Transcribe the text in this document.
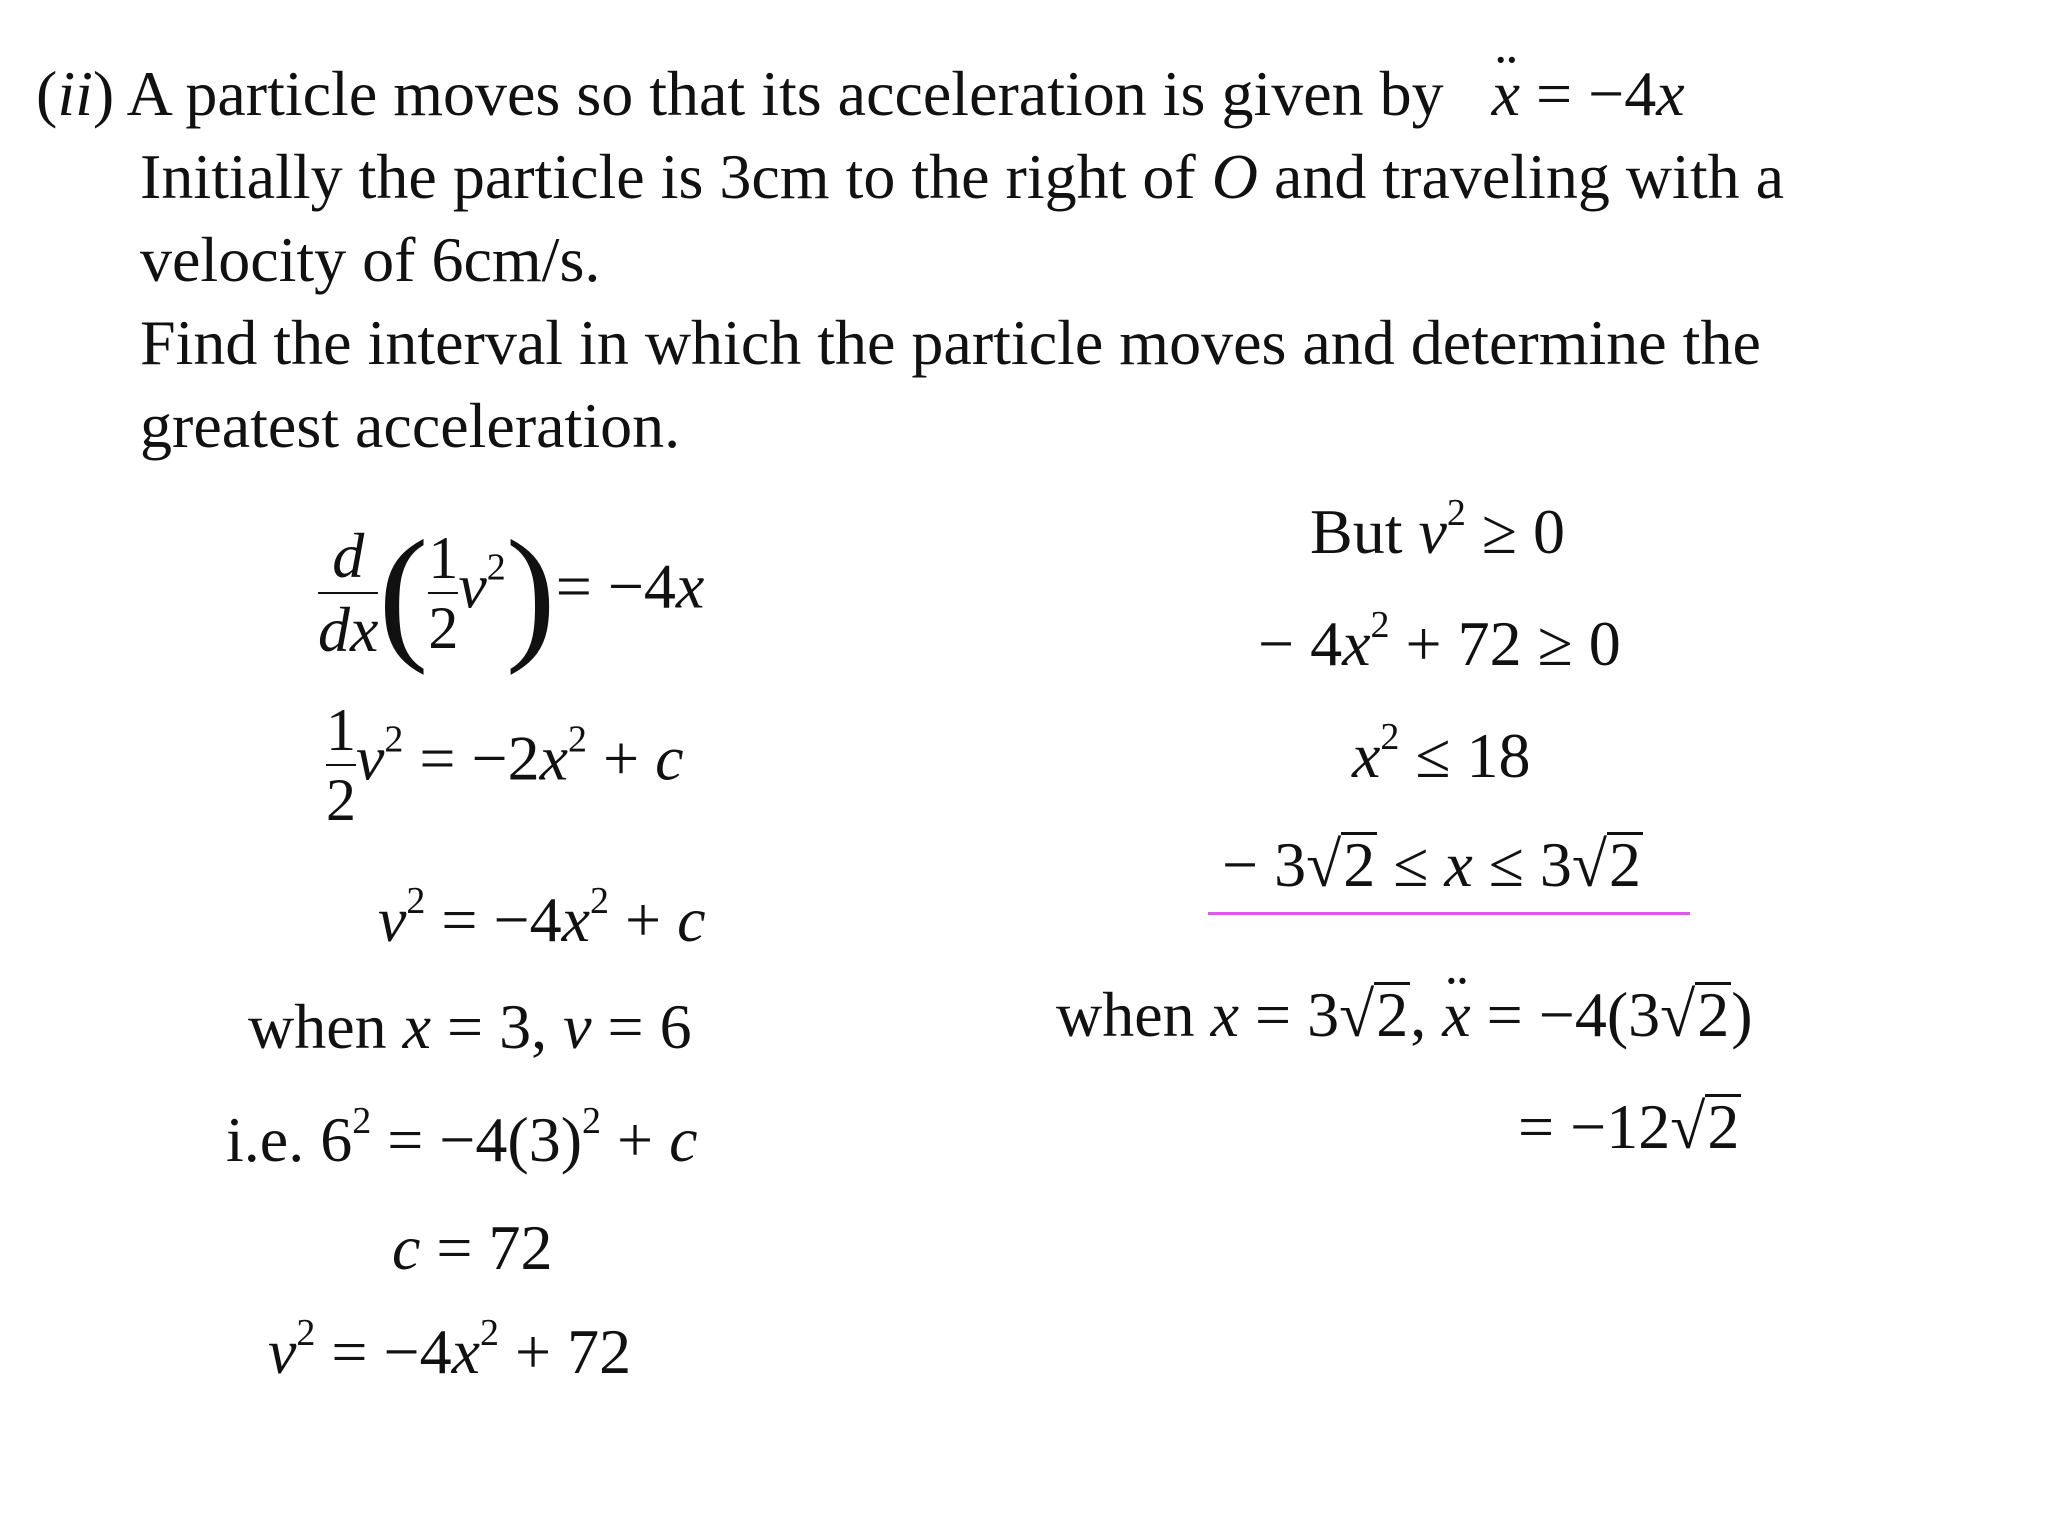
(ii) A particle moves so that its acceleration is given by   ¨ x = −4x
Initially the particle is 3cm to the right of O and traveling with a
velocity of 6cm/s.
Find the interval in which the particle moves and determine the
greatest acceleration.
$\frac{d}{dx}$ ( $\frac{1}{2} v^2)= -4x$
$\frac{1}{2} v^2 = -2x^2 + c$
$v^2 = -4x^2 + c$
when x = 3, v = 6
i.e. $6^2 = -4(3)^2 + c$
c = 72
$v^2 = -4x^2 + 72$
But $v^2 \ge 0$
− $4x^2 + 72 \ge 0$
$x^2 \le 18$
− 3√2 ≤ x ≤ 3√2
when x = 3√2, ¨ x = −4(3√2)
= −12√2
